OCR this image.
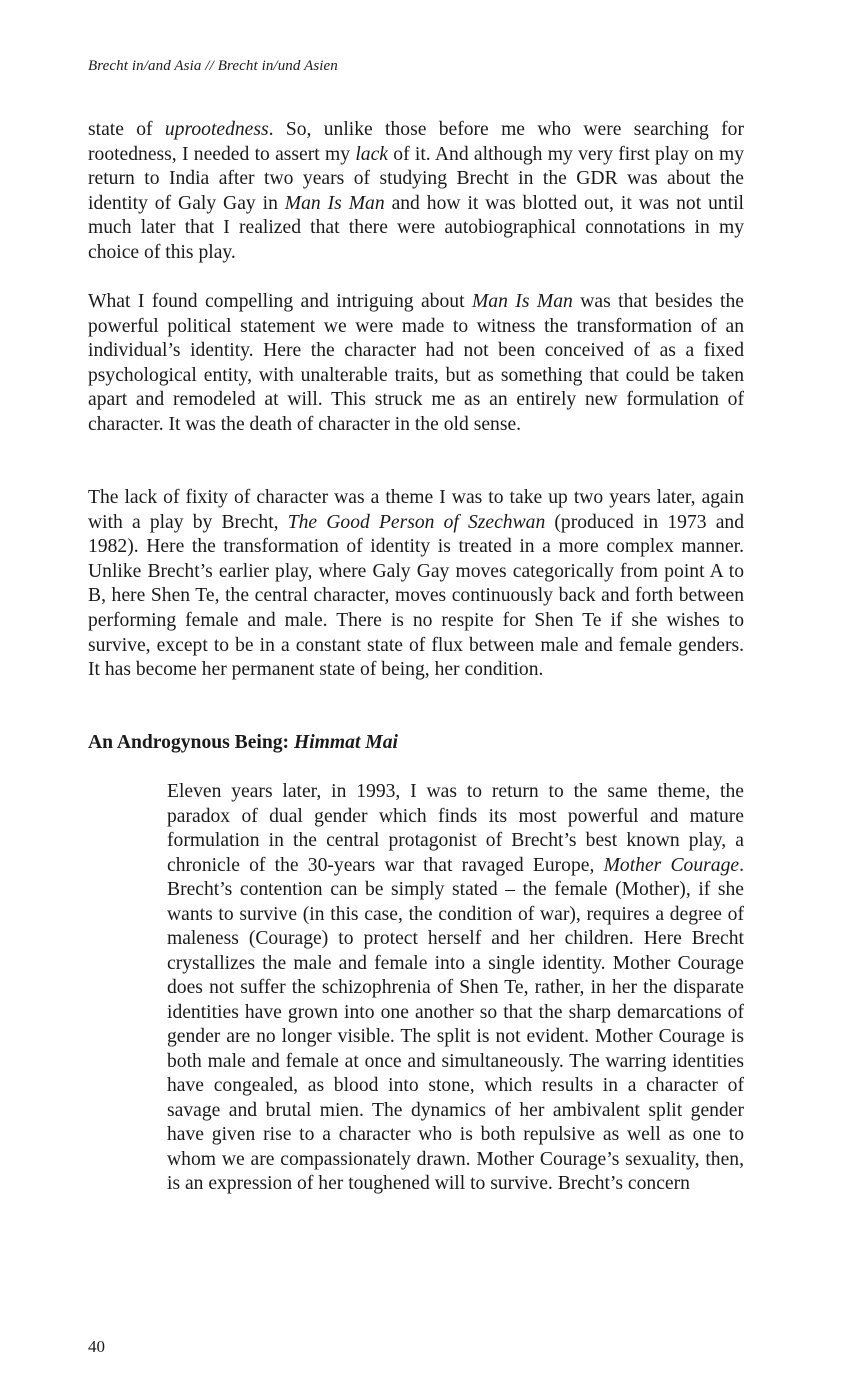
Brecht in/and Asia // Brecht in/und Asien

state of uprootedness. So, unlike those before me who were searching for rootedness, I needed to assert my lack of it. And although my very first play on my return to India after two years of studying Brecht in the GDR was about the identity of Galy Gay in Man Is Man and how it was blotted out, it was not until much later that I realized that there were autobiographical connotations in my choice of this play.

What I found compelling and intriguing about Man Is Man was that besides the powerful political statement we were made to witness the transformation of an individual’s identity. Here the character had not been conceived of as a fixed psychological entity, with unalterable traits, but as something that could be taken apart and remodeled at will. This struck me as an entirely new formulation of character. It was the death of character in the old sense.

The lack of fixity of character was a theme I was to take up two years later, again with a play by Brecht, The Good Person of Szechwan (produced in 1973 and 1982). Here the transformation of identity is treated in a more complex manner. Unlike Brecht’s earlier play, where Galy Gay moves categorically from point A to B, here Shen Te, the central character, moves continuously back and forth between performing female and male. There is no respite for Shen Te if she wishes to survive, except to be in a constant state of flux between male and female genders. It has become her permanent state of being, her condition.

An Androgynous Being: Himmat Mai

Eleven years later, in 1993, I was to return to the same theme, the paradox of dual gender which finds its most powerful and mature formulation in the central protagonist of Brecht’s best known play, a chronicle of the 30-years war that ravaged Europe, Mother Courage. Brecht’s contention can be simply stated – the female (Mother), if she wants to survive (in this case, the condition of war), requires a degree of maleness (Courage) to protect herself and her children. Here Brecht crystallizes the male and female into a single identity. Mother Courage does not suffer the schizophrenia of Shen Te, rather, in her the disparate identities have grown into one another so that the sharp demarcations of gender are no longer visible. The split is not evident. Mother Courage is both male and female at once and simultaneously. The warring identities have congealed, as blood into stone, which results in a character of savage and brutal mien. The dynamics of her ambivalent split gender have given rise to a character who is both repulsive as well as one to whom we are compassionately drawn. Mother Courage’s sexuality, then, is an expression of her toughened will to survive. Brecht’s concern

40
